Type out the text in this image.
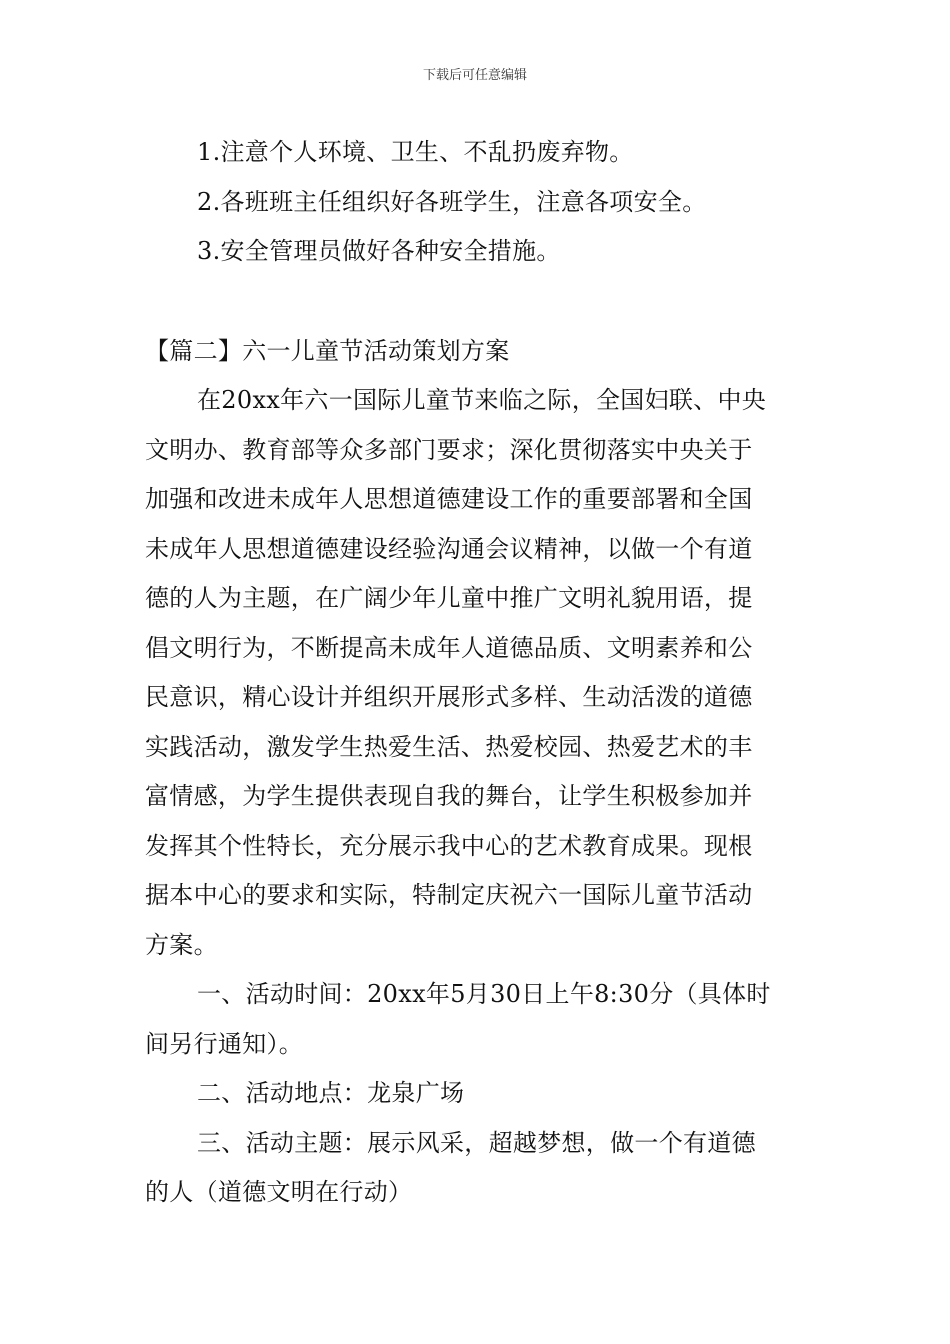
下载后可任意编辑
1.注意个人环境、卫生、不乱扔废弃物。
2.各班班主任组织好各班学生，注意各项安全。
3.安全管理员做好各种安全措施。
【篇二】六一儿童节活动策划方案
在20xx年六一国际儿童节来临之际，全国妇联、中央
文明办、教育部等众多部门要求；深化贯彻落实中央关于
加强和改进未成年人思想道德建设工作的重要部署和全国
未成年人思想道德建设经验沟通会议精神，以做一个有道
德的人为主题，在广阔少年儿童中推广文明礼貌用语，提
倡文明行为，不断提高未成年人道德品质、文明素养和公
民意识，精心设计并组织开展形式多样、生动活泼的道德
实践活动，激发学生热爱生活、热爱校园、热爱艺术的丰
富情感，为学生提供表现自我的舞台，让学生积极参加并
发挥其个性特长，充分展示我中心的艺术教育成果。现根
据本中心的要求和实际，特制定庆祝六一国际儿童节活动
方案。
一、活动时间：20xx年5月30日上午8:30分（具体时
间另行通知）。
二、活动地点：龙泉广场
三、活动主题：展示风采，超越梦想，做一个有道德
的人（道德文明在行动）
